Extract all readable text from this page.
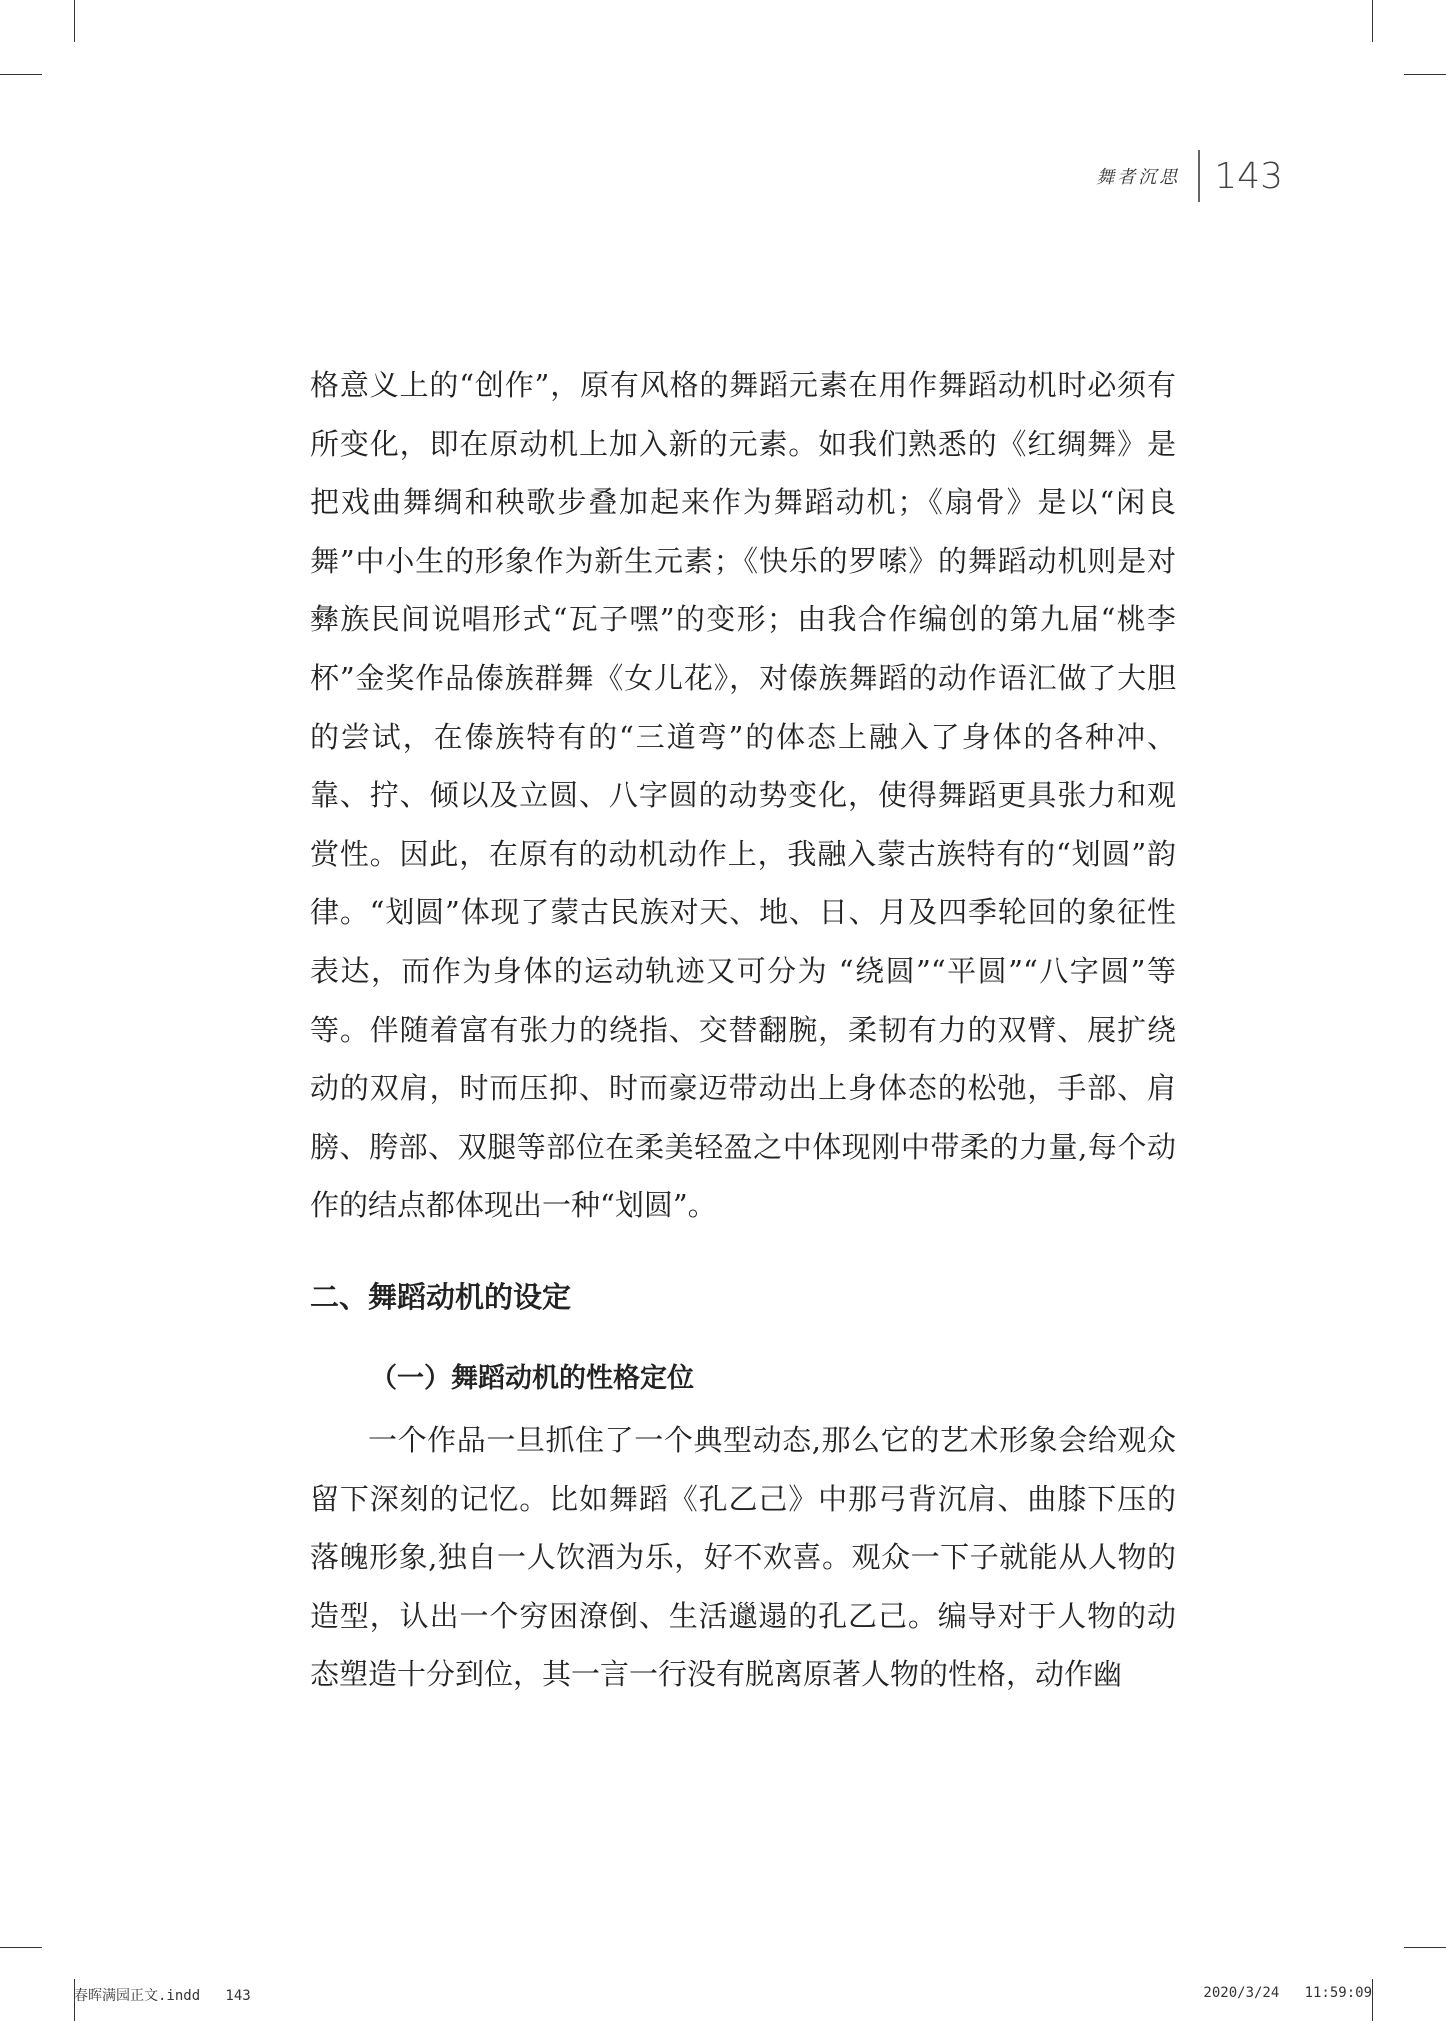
舞者沉思 143

格意义上的“创作”，原有风格的舞蹈元素在用作舞蹈动机时必须有所变化，即在原动机上加入新的元素。如我们熟悉的《红绸舞》是把戏曲舞绸和秧歌步叠加起来作为舞蹈动机；《扇骨》是以“闲良舞”中小生的形象作为新生元素；《快乐的罗嗦》的舞蹈动机则是对彝族民间说唱形式“瓦子嘿”的变形；由我合作编创的第九届“桃李杯”金奖作品傣族群舞《女儿花》，对傣族舞蹈的动作语汇做了大胆的尝试，在傣族特有的“三道弯”的体态上融入了身体的各种冲、靠、拧、倾以及立圆、八字圆的动势变化，使得舞蹈更具张力和观赏性。因此，在原有的动机动作上，我融入蒙古族特有的“划圆”韵律。“划圆”体现了蒙古民族对天、地、日、月及四季轮回的象征性表达，而作为身体的运动轨迹又可分为 “绕圆”“平圆”“八字圆”等等。伴随着富有张力的绕指、交替翻腕，柔韧有力的双臂、展扩绕动的双肩，时而压抑、时而豪迈带动出上身体态的松弛，手部、肩膀、胯部、双腿等部位在柔美轻盈之中体现刚中带柔的力量,每个动作的结点都体现出一种“划圆”。

二、舞蹈动机的设定
（一）舞蹈动机的性格定位

一个作品一旦抓住了一个典型动态,那么它的艺术形象会给观众留下深刻的记忆。比如舞蹈《孔乙己》中那弓背沉肩、曲膝下压的落魄形象,独自一人饮酒为乐，好不欢喜。观众一下子就能从人物的造型，认出一个穷困潦倒、生活邋遢的孔乙己。编导对于人物的动态塑造十分到位，其一言一行没有脱离原著人物的性格，动作幽

春晖满园正文.indd   143	2020/3/24   11:59:09
